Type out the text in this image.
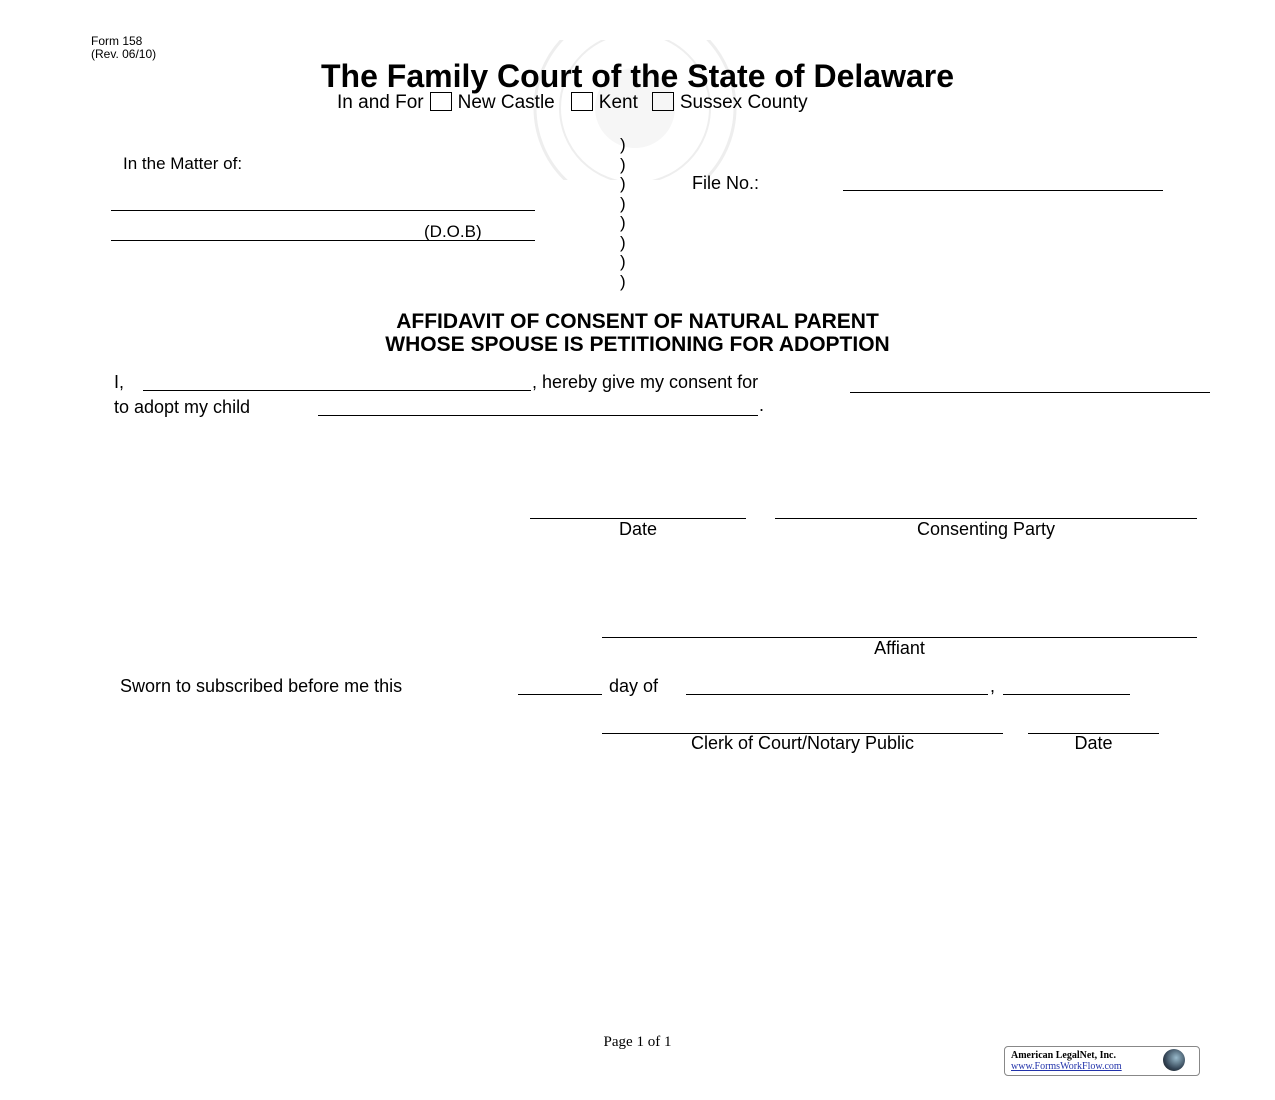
Form 158
(Rev. 06/10)
The Family Court of the State of Delaware
In and For New Castle Kent Sussex County
In the Matter of:
(D.O.B)
)
)
)
)
)
)
)
)
File No.:
AFFIDAVIT OF CONSENT OF NATURAL PARENT
WHOSE SPOUSE IS PETITIONING FOR ADOPTION
I,	, hereby give my consent for
to adopt my child	.
Date	Consenting Party
Affiant
Sworn to subscribed before me this	day of	,
Clerk of Court/Notary Public	Date
Page 1 of 1
American LegalNet, Inc.
www.FormsWorkFlow.com
